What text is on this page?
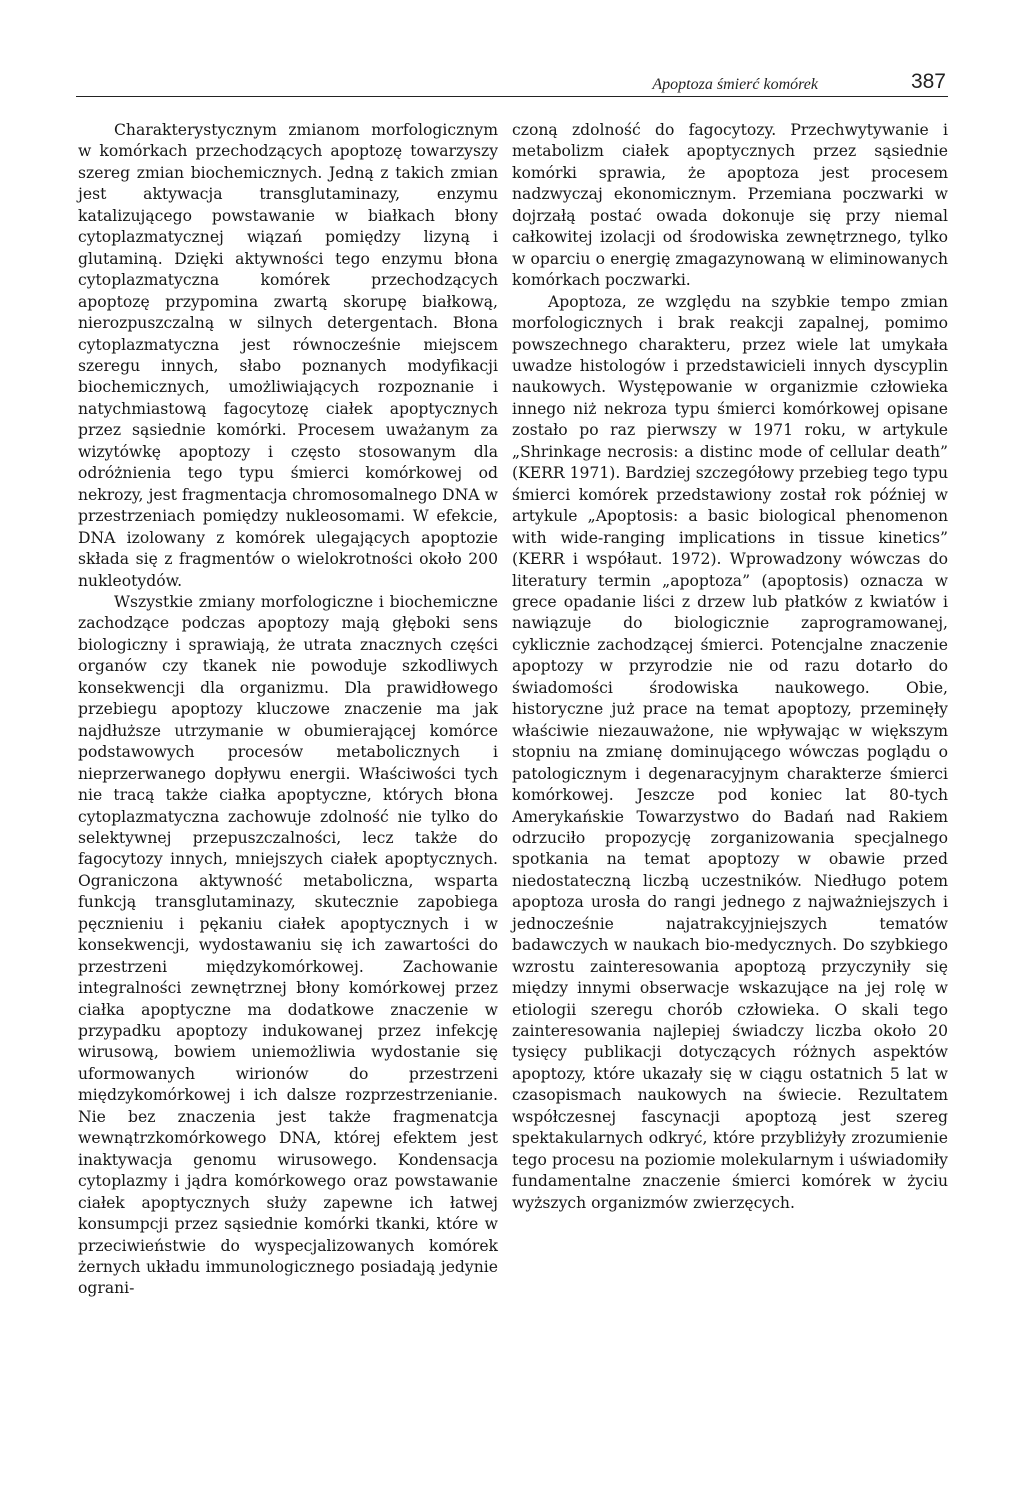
Apoptoza śmierć komórek	387

Charakterystycznym zmianom morfologicznym w komórkach przechodzących apoptozę towarzyszy szereg zmian biochemicznych. Jedną z takich zmian jest aktywacja transglutaminazy, enzymu katalizującego powstawanie w białkach błony cytoplazmatycznej wiązań pomiędzy lizyną i glutaminą. Dzięki aktywności tego enzymu błona cytoplazmatyczna komórek przechodzących apoptozę przypomina zwartą skorupę białkową, nierozpuszczalną w silnych detergentach. Błona cytoplazmatyczna jest równocześnie miejscem szeregu innych, słabo poznanych modyfikacji biochemicznych, umożliwiających rozpoznanie i natychmiastową fagocytozę ciałek apoptycznych przez sąsiednie komórki. Procesem uważanym za wizytówkę apoptozy i często stosowanym dla odróżnienia tego typu śmierci komórkowej od nekrozy, jest fragmentacja chromosomalnego DNA w przestrzeniach pomiędzy nukleosomami. W efekcie, DNA izolowany z komórek ulegających apoptozie składa się z fragmentów o wielokrotności około 200 nukleotydów.

Wszystkie zmiany morfologiczne i biochemiczne zachodzące podczas apoptozy mają głęboki sens biologiczny i sprawiają, że utrata znacznych części organów czy tkanek nie powoduje szkodliwych konsekwencji dla organizmu. Dla prawidłowego przebiegu apoptozy kluczowe znaczenie ma jak najdłuższe utrzymanie w obumierającej komórce podstawowych procesów metabolicznych i nieprzerwanego dopływu energii. Właściwości tych nie tracą także ciałka apoptyczne, których błona cytoplazmatyczna zachowuje zdolność nie tylko do selektywnej przepuszczalności, lecz także do fagocytozy innych, mniejszych ciałek apoptycznych. Ograniczona aktywność metaboliczna, wsparta funkcją transglutaminazy, skutecznie zapobiega pęcznieniu i pękaniu ciałek apoptycznych i w konsekwencji, wydostawaniu się ich zawartości do przestrzeni międzykomórkowej. Zachowanie integralności zewnętrznej błony komórkowej przez ciałka apoptyczne ma dodatkowe znaczenie w przypadku apoptozy indukowanej przez infekcję wirusową, bowiem uniemożliwia wydostanie się uformowanych wirionów do przestrzeni międzykomórkowej i ich dalsze rozprzestrzenianie. Nie bez znaczenia jest także fragmenatcja wewnątrzkomórkowego DNA, której efektem jest inaktywacja genomu wirusowego. Kondensacja cytoplazmy i jądra komórkowego oraz powstawanie ciałek apoptycznych służy zapewne ich łatwej konsumpcji przez sąsiednie komórki tkanki, które w przeciwieństwie do wyspecjalizowanych komórek żernych układu immunologicznego posiadają jedynie ograni-

czoną zdolność do fagocytozy. Przechwytywanie i metabolizm ciałek apoptycznych przez sąsiednie komórki sprawia, że apoptoza jest procesem nadzwyczaj ekonomicznym. Przemiana poczwarki w dojrzałą postać owada dokonuje się przy niemal całkowitej izolacji od środowiska zewnętrznego, tylko w oparciu o energię zmagazynowaną w eliminowanych komórkach poczwarki.

Apoptoza, ze względu na szybkie tempo zmian morfologicznych i brak reakcji zapalnej, pomimo powszechnego charakteru, przez wiele lat umykała uwadze histologów i przedstawicieli innych dyscyplin naukowych. Występowanie w organizmie człowieka innego niż nekroza typu śmierci komórkowej opisane zostało po raz pierwszy w 1971 roku, w artykule „Shrinkage necrosis: a distinc mode of cellular death” (KERR 1971). Bardziej szczegółowy przebieg tego typu śmierci komórek przedstawiony został rok później w artykule „Apoptosis: a basic biological phenomenon with wide-ranging implications in tissue kinetics” (KERR i współaut. 1972). Wprowadzony wówczas do literatury termin „apoptoza” (apoptosis) oznacza w grece opadanie liści z drzew lub płatków z kwiatów i nawiązuje do biologicznie zaprogramowanej, cyklicznie zachodzącej śmierci. Potencjalne znaczenie apoptozy w przyrodzie nie od razu dotarło do świadomości środowiska naukowego. Obie, historyczne już prace na temat apoptozy, przeminęły właściwie niezauważone, nie wpływając w większym stopniu na zmianę dominującego wówczas poglądu o patologicznym i degenaracyjnym charakterze śmierci komórkowej. Jeszcze pod koniec lat 80-tych Amerykańskie Towarzystwo do Badań nad Rakiem odrzuciło propozycję zorganizowania specjalnego spotkania na temat apoptozy w obawie przed niedostateczną liczbą uczestników. Niedługo potem apoptoza urosła do rangi jednego z najważniejszych i jednocześnie najatrakcyjniejszych tematów badawczych w naukach bio-medycznych. Do szybkiego wzrostu zainteresowania apoptozą przyczyniły się między innymi obserwacje wskazujące na jej rolę w etiologii szeregu chorób człowieka. O skali tego zainteresowania najlepiej świadczy liczba około 20 tysięcy publikacji dotyczących różnych aspektów apoptozy, które ukazały się w ciągu ostatnich 5 lat w czasopismach naukowych na świecie. Rezultatem współczesnej fascynacji apoptozą jest szereg spektakularnych odkryć, które przybliżyły zrozumienie tego procesu na poziomie molekularnym i uświadomiły fundamentalne znaczenie śmierci komórek w życiu wyższych organizmów zwierzęcych.
